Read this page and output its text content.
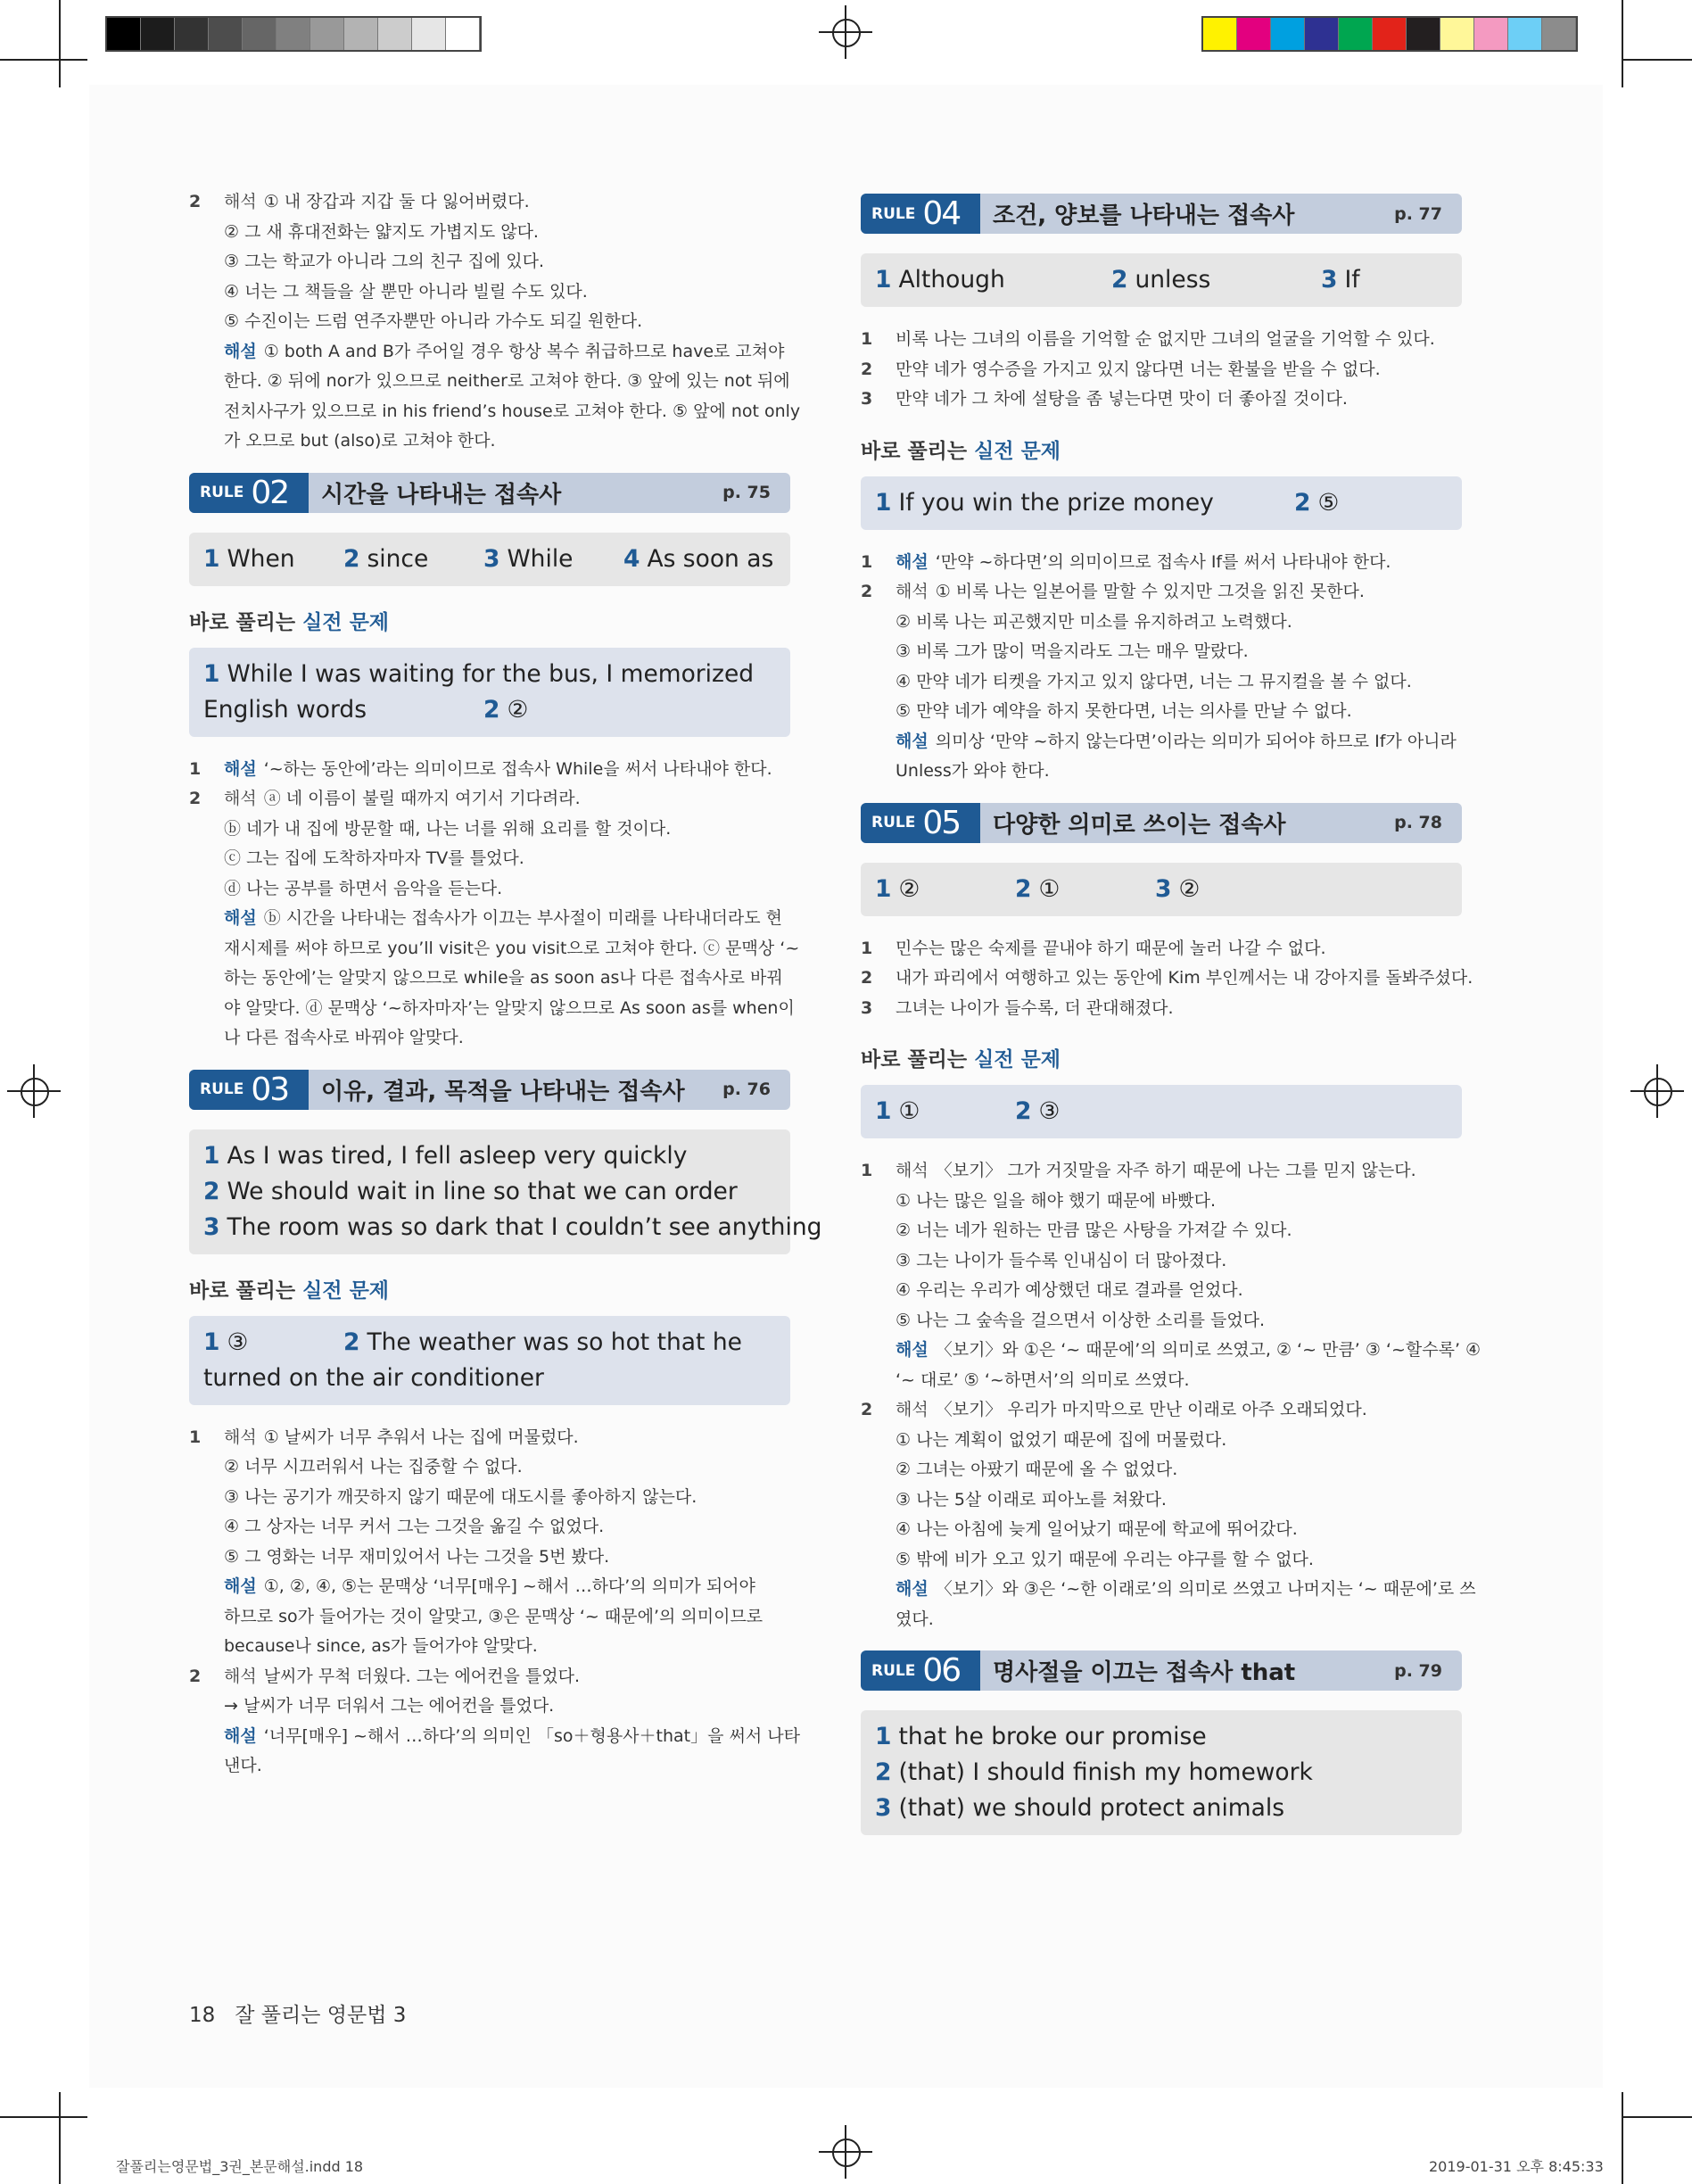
2	해석 ① 내 장갑과 지갑 둘 다 잃어버렸다.
② 그 새 휴대전화는 얇지도 가볍지도 않다.
③ 그는 학교가 아니라 그의 친구 집에 있다.
④ 너는 그 책들을 살 뿐만 아니라 빌릴 수도 있다.
⑤ 수진이는 드럼 연주자뿐만 아니라 가수도 되길 원한다.
해설 ① both A and B가 주어일 경우 항상 복수 취급하므로 have로 고쳐야
한다. ② 뒤에 nor가 있으므로 neither로 고쳐야 한다. ③ 앞에 있는 not 뒤에
전치사구가 있으므로 in his friend’s house로 고쳐야 한다. ⑤ 앞에 not only
가 오므로 but (also)로 고쳐야 한다.
RULE 02 시간을 나타내는 접속사	p. 75
1 When	2 since	3 While	4 As soon as
바로 풀리는 실전 문제
1 While I was waiting for the bus, I memorized
English words	2 ②
1	해설 ‘~하는 동안에’라는 의미이므로 접속사 While을 써서 나타내야 한다.
2	해석 ⓐ 네 이름이 불릴 때까지 여기서 기다려라.
ⓑ 네가 내 집에 방문할 때, 나는 너를 위해 요리를 할 것이다.
ⓒ 그는 집에 도착하자마자 TV를 틀었다.
ⓓ 나는 공부를 하면서 음악을 듣는다.
해설 ⓑ 시간을 나타내는 접속사가 이끄는 부사절이 미래를 나타내더라도 현
재시제를 써야 하므로 you’ll visit은 you visit으로 고쳐야 한다. ⓒ 문맥상 ‘~
하는 동안에’는 알맞지 않으므로 while을 as soon as나 다른 접속사로 바꿔
야 알맞다. ⓓ 문맥상 ‘~하자마자’는 알맞지 않으므로 As soon as를 when이
나 다른 접속사로 바꿔야 알맞다.
RULE 03 이유, 결과, 목적을 나타내는 접속사	p. 76
1 As I was tired, I fell asleep very quickly
2 We should wait in line so that we can order
3 The room was so dark that I couldn’t see anything
바로 풀리는 실전 문제
1 ③	2 The weather was so hot that he
turned on the air conditioner
1	해석 ① 날씨가 너무 추워서 나는 집에 머물렀다.
② 너무 시끄러워서 나는 집중할 수 없다.
③ 나는 공기가 깨끗하지 않기 때문에 대도시를 좋아하지 않는다.
④ 그 상자는 너무 커서 그는 그것을 옮길 수 없었다.
⑤ 그 영화는 너무 재미있어서 나는 그것을 5번 봤다.
해설 ①, ②, ④, ⑤는 문맥상 ‘너무[매우] ~해서 …하다’의 의미가 되어야
하므로 so가 들어가는 것이 알맞고, ③은 문맥상 ‘~ 때문에’의 의미이므로
because나 since, as가 들어가야 알맞다.
2	해석 날씨가 무척 더웠다. 그는 에어컨을 틀었다.
→ 날씨가 너무 더워서 그는 에어컨을 틀었다.
해설 ‘너무[매우] ~해서 …하다’의 의미인 「so＋형용사＋that」을 써서 나타
낸다.
RULE 04 조건, 양보를 나타내는 접속사	p. 77
1 Although	2 unless	3 If
1	비록 나는 그녀의 이름을 기억할 순 없지만 그녀의 얼굴을 기억할 수 있다.
2	만약 네가 영수증을 가지고 있지 않다면 너는 환불을 받을 수 없다.
3	만약 네가 그 차에 설탕을 좀 넣는다면 맛이 더 좋아질 것이다.
바로 풀리는 실전 문제
1 If you win the prize money	2 ⑤
1	해설 ‘만약 ~하다면’의 의미이므로 접속사 If를 써서 나타내야 한다.
2	해석 ① 비록 나는 일본어를 말할 수 있지만 그것을 읽진 못한다.
② 비록 나는 피곤했지만 미소를 유지하려고 노력했다.
③ 비록 그가 많이 먹을지라도 그는 매우 말랐다.
④ 만약 네가 티켓을 가지고 있지 않다면, 너는 그 뮤지컬을 볼 수 없다.
⑤ 만약 네가 예약을 하지 못한다면, 너는 의사를 만날 수 없다.
해설 의미상 ‘만약 ~하지 않는다면’이라는 의미가 되어야 하므로 If가 아니라
Unless가 와야 한다.
RULE 05 다양한 의미로 쓰이는 접속사	p. 78
1 ②	2 ①	3 ②
1	민수는 많은 숙제를 끝내야 하기 때문에 놀러 나갈 수 없다.
2	내가 파리에서 여행하고 있는 동안에 Kim 부인께서는 내 강아지를 돌봐주셨다.
3	그녀는 나이가 들수록, 더 관대해졌다.
바로 풀리는 실전 문제
1 ①	2 ③
1	해석 〈보기〉 그가 거짓말을 자주 하기 때문에 나는 그를 믿지 않는다.
① 나는 많은 일을 해야 했기 때문에 바빴다.
② 너는 네가 원하는 만큼 많은 사탕을 가져갈 수 있다.
③ 그는 나이가 들수록 인내심이 더 많아졌다.
④ 우리는 우리가 예상했던 대로 결과를 얻었다.
⑤ 나는 그 숲속을 걸으면서 이상한 소리를 들었다.
해설 〈보기〉와 ①은 ‘~ 때문에’의 의미로 쓰였고, ② ‘~ 만큼’ ③ ‘~할수록’ ④
‘~ 대로’ ⑤ ‘~하면서’의 의미로 쓰였다.
2	해석 〈보기〉 우리가 마지막으로 만난 이래로 아주 오래되었다.
① 나는 계획이 없었기 때문에 집에 머물렀다.
② 그녀는 아팠기 때문에 올 수 없었다.
③ 나는 5살 이래로 피아노를 쳐왔다.
④ 나는 아침에 늦게 일어났기 때문에 학교에 뛰어갔다.
⑤ 밖에 비가 오고 있기 때문에 우리는 야구를 할 수 없다.
해설 〈보기〉와 ③은 ‘~한 이래로’의 의미로 쓰였고 나머지는 ‘~ 때문에’로 쓰
였다.
RULE 06 명사절을 이끄는 접속사 that	p. 79
1 that he broke our promise
2 (that) I should finish my homework
3 (that) we should protect animals
18 잘 풀리는 영문법 3
잘풀리는영문법_3권_본문해설.indd 18	2019-01-31 오후 8:45:33
